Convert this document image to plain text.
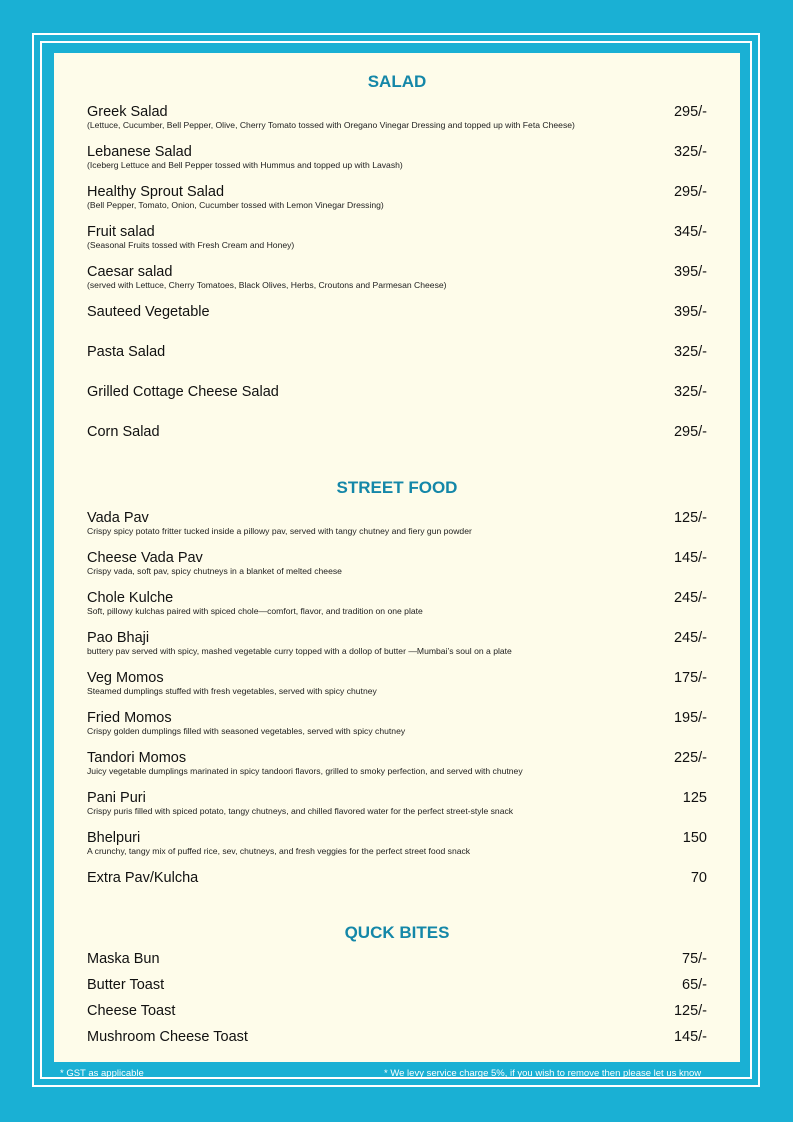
SALAD
Greek Salad
(Lettuce, Cucumber, Bell Pepper, Olive, Cherry Tomato tossed with Oregano Vinegar Dressing and topped up with Feta Cheese)
295/-
Lebanese Salad
(Iceberg Lettuce and Bell Pepper tossed with Hummus and topped up with Lavash)
325/-
Healthy Sprout Salad
(Bell Pepper, Tomato, Onion, Cucumber tossed with Lemon Vinegar Dressing)
295/-
Fruit salad
(Seasonal Fruits tossed with Fresh Cream and Honey)
345/-
Caesar salad
(served with Lettuce, Cherry Tomatoes, Black Olives, Herbs, Croutons and Parmesan Cheese)
395/-
Sauteed Vegetable	395/-
Pasta Salad	325/-
Grilled Cottage Cheese Salad	325/-
Corn Salad	295/-
STREET FOOD
Vada Pav
Crispy spicy potato fritter tucked inside a pillowy pav, served with tangy chutney and fiery gun powder
125/-
Cheese Vada Pav
Crispy vada, soft pav, spicy chutneys in a blanket of melted cheese
145/-
Chole Kulche
Soft, pillowy kulchas paired with spiced chole—comfort, flavor, and tradition on one plate
245/-
Pao Bhaji
buttery pav served with spicy, mashed vegetable curry topped with a dollop of butter —Mumbai’s soul on a plate
245/-
Veg Momos
Steamed dumplings stuffed with fresh vegetables, served with spicy chutney
175/-
Fried Momos
Crispy golden dumplings filled with seasoned vegetables, served with spicy chutney
195/-
Tandori Momos
Juicy vegetable dumplings marinated in spicy tandoori flavors, grilled to smoky perfection, and served with chutney
225/-
Pani Puri
Crispy puris filled with spiced potato, tangy chutneys, and chilled flavored water for the perfect street-style snack
125
Bhelpuri
A crunchy, tangy mix of puffed rice, sev, chutneys, and fresh veggies for the perfect street food snack
150
Extra Pav/Kulcha	70
QUCK BITES
Maska Bun	75/-
Butter Toast	65/-
Cheese Toast	125/-
Mushroom Cheese Toast	145/-
* GST as applicable	* We levy service charge 5%, if you wish to remove then please let us know
